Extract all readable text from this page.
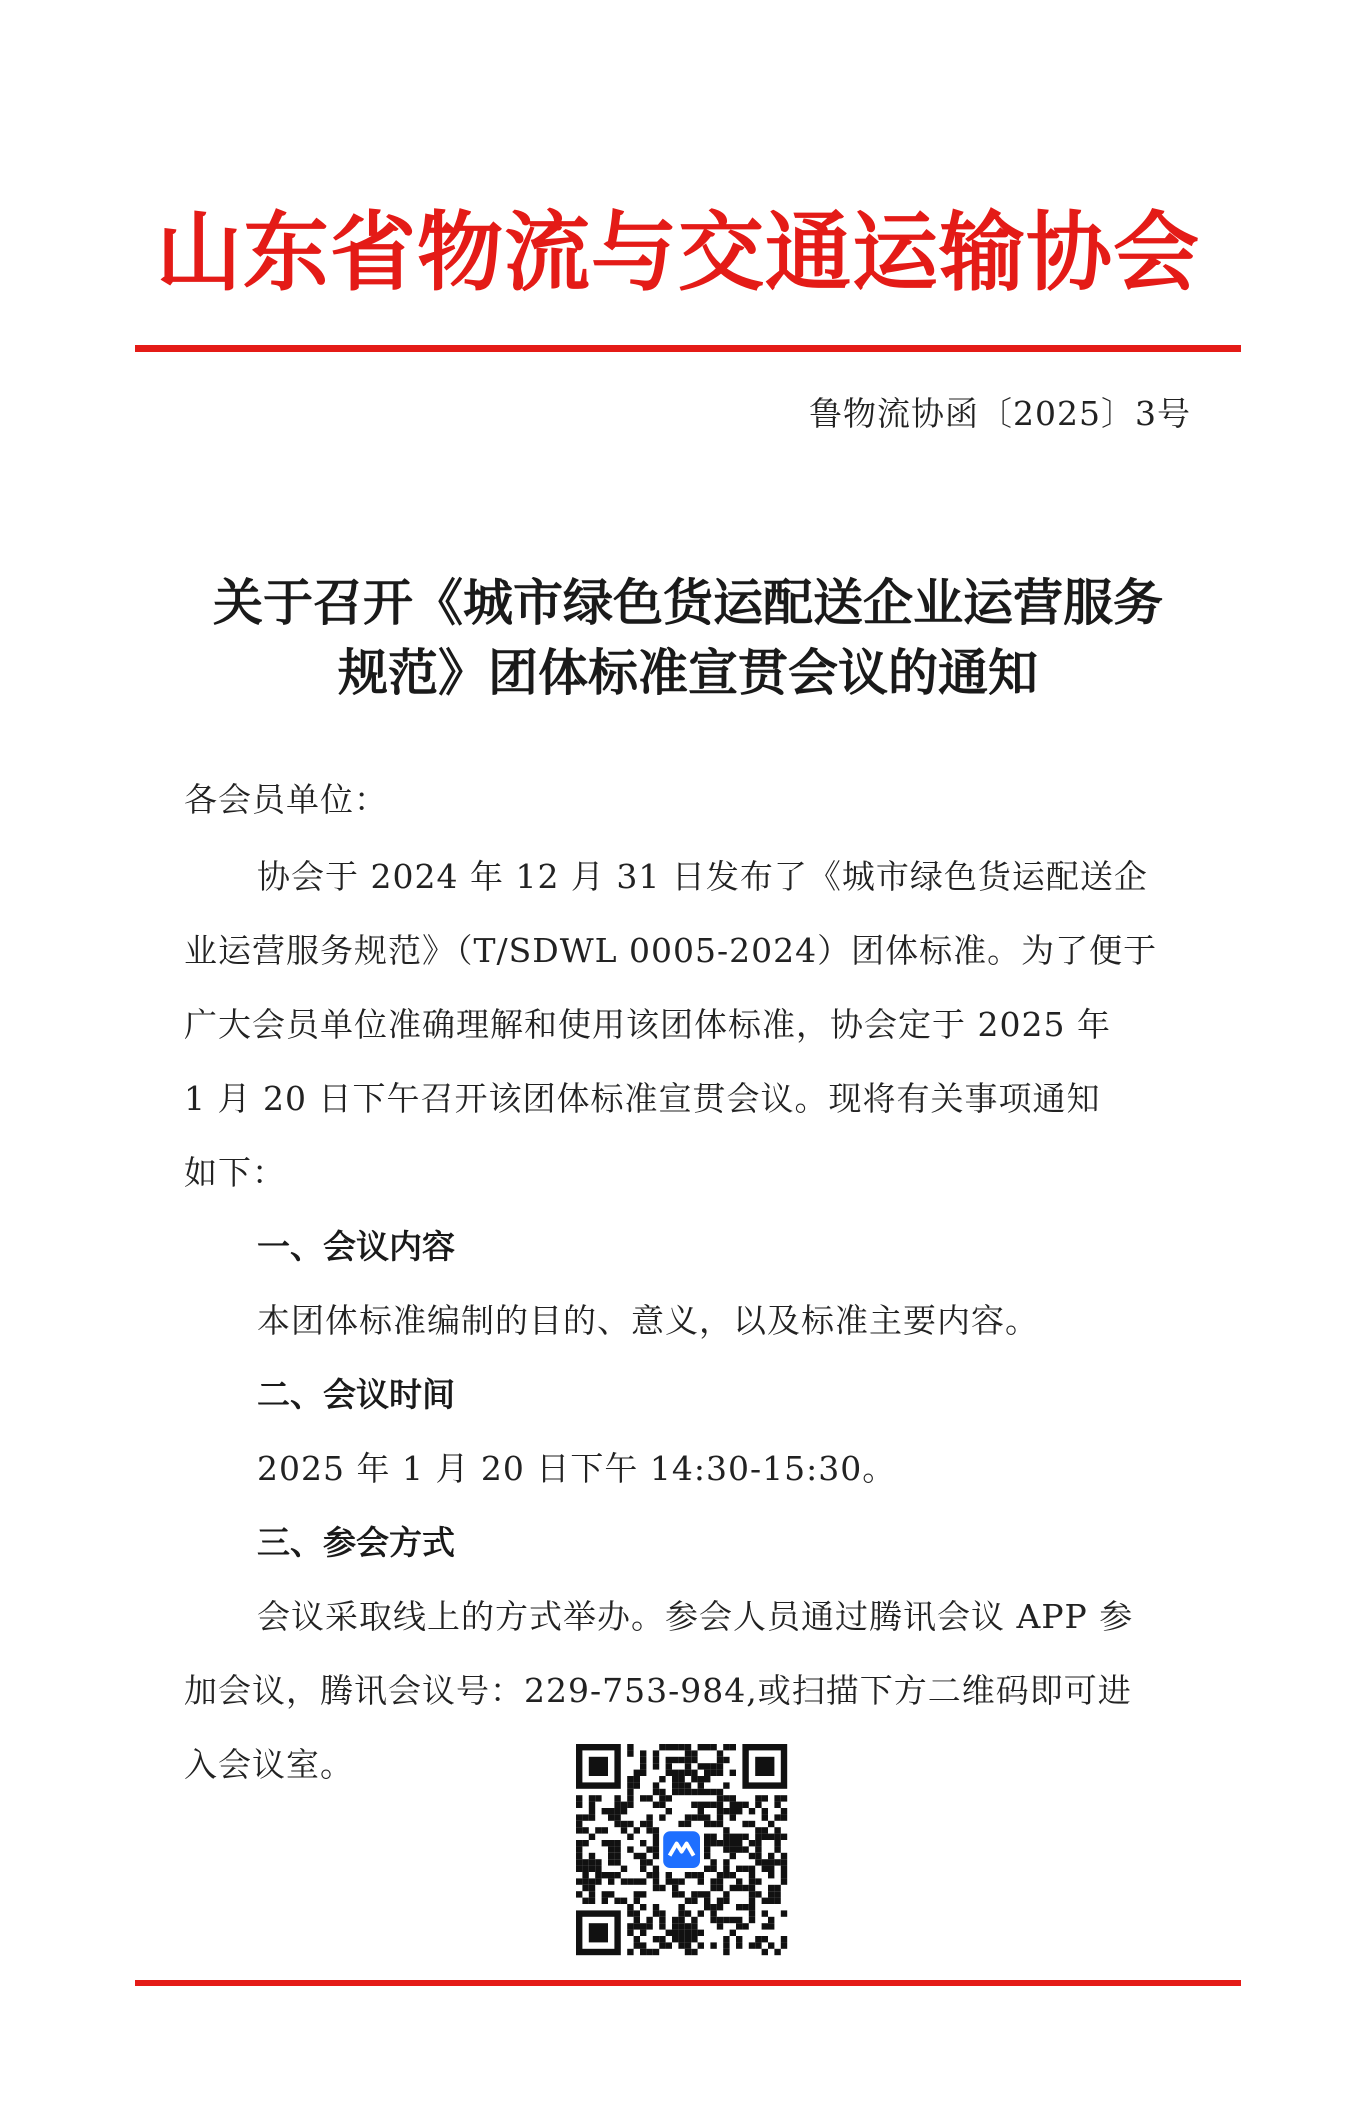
山东省物流与交通运输协会
鲁物流协函〔2025〕3号
关于召开《城市绿色货运配送企业运营服务
规范》团体标准宣贯会议的通知
各会员单位：
协会于 2024 年 12 月 31 日发布了《城市绿色货运配送企
业运营服务规范》（T/SDWL 0005-2024）团体标准。为了便于
广大会员单位准确理解和使用该团体标准，协会定于 2025 年
1 月 20 日下午召开该团体标准宣贯会议。现将有关事项通知
如下：
一、会议内容
本团体标准编制的目的、意义，以及标准主要内容。
二、会议时间
2025 年 1 月 20 日下午 14:30-15:30。
三、参会方式
会议采取线上的方式举办。参会人员通过腾讯会议 APP 参
加会议，腾讯会议号：229-753-984,或扫描下方二维码即可进
入会议室。
